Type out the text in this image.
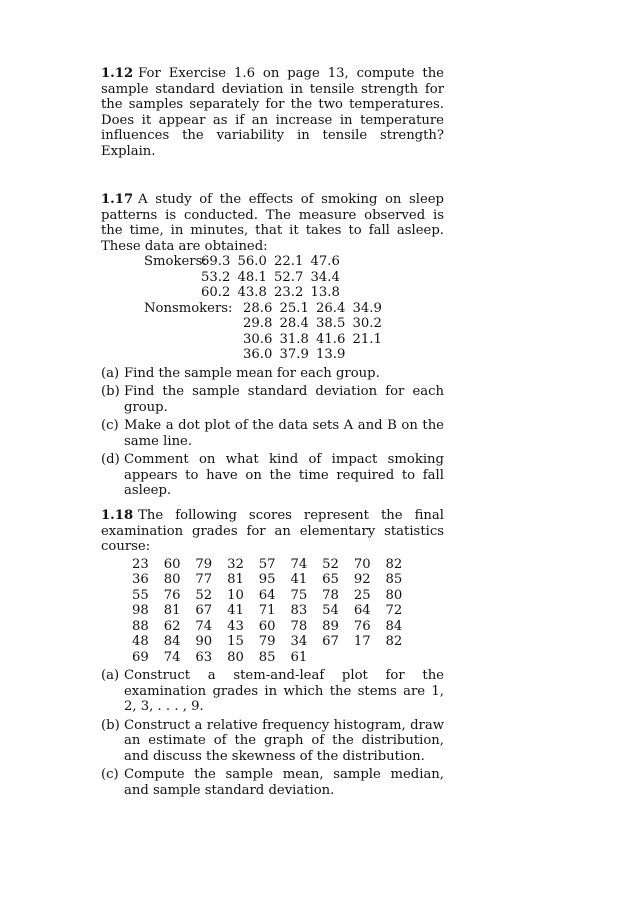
1.12 For Exercise 1.6 on page 13, compute the sample standard deviation in tensile strength for the samples separately for the two temperatures. Does it appear as if an increase in temperature influences the variability in tensile strength? Explain.
1.17 A study of the effects of smoking on sleep patterns is conducted. The measure observed is the time, in minutes, that it takes to fall asleep. These data are obtained:
Smokers:
69.3 56.0 22.1 47.6
53.2 48.1 52.7 34.4
60.2 43.8 23.2 13.8
Nonsmokers: 28.6 25.1 26.4 34.9
29.8 28.4 38.5 30.2
30.6 31.8 41.6 21.1
36.0 37.9 13.9
(a) Find the sample mean for each group.
(b) Find the sample standard deviation for each group.
(c) Make a dot plot of the data sets A and B on the same line.
(d) Comment on what kind of impact smoking appears to have on the time required to fall asleep.
1.18 The following scores represent the final examination grades for an elementary statistics course:
23	60	79	32	57	74	52	70	82
36	80	77	81	95	41	65	92	85
55	76	52	10	64	75	78	25	80
98	81	67	41	71	83	54	64	72
88	62	74	43	60	78	89	76	84
48	84	90	15	79	34	67	17	82
69	74	63	80	85	61
(a) Construct a stem-and-leaf plot for the examination grades in which the stems are 1, 2, 3, . . . , 9.
(b) Construct a relative frequency histogram, draw an estimate of the graph of the distribution, and discuss the skewness of the distribution.
(c) Compute the sample mean, sample median, and sample standard deviation.
